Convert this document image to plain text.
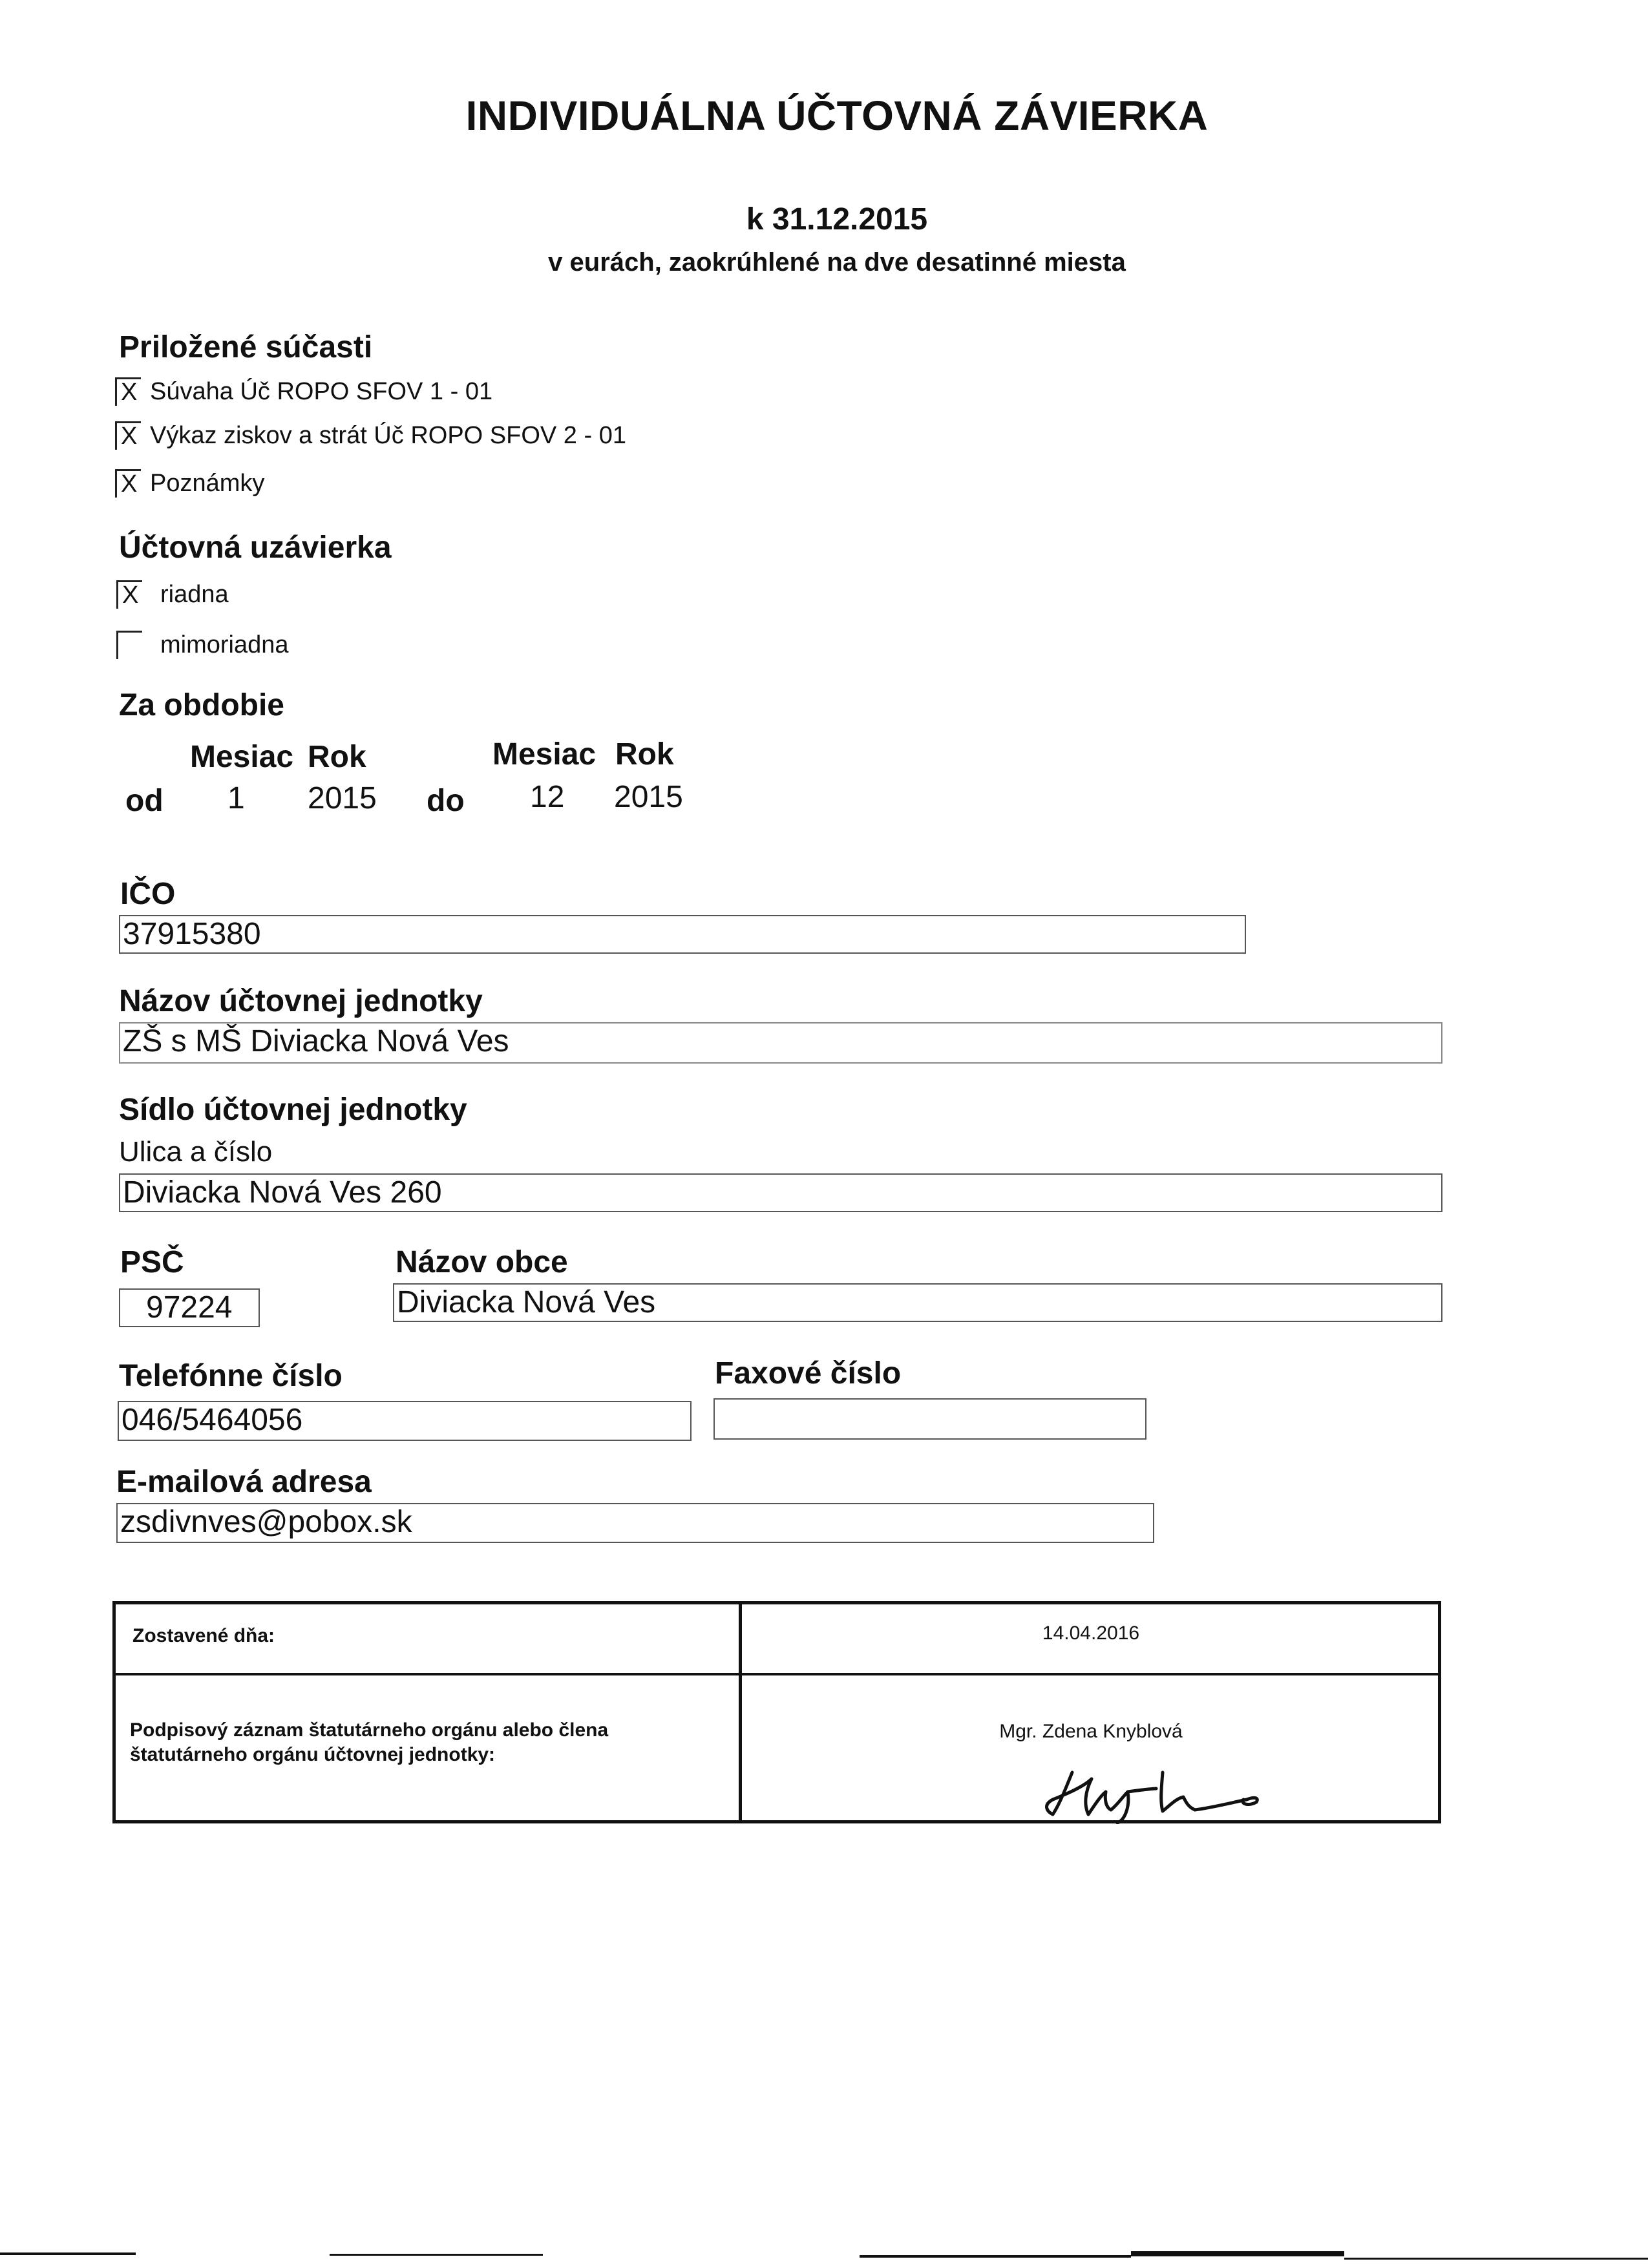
INDIVIDUÁLNA ÚČTOVNÁ ZÁVIERKA
k 31.12.2015
v eurách, zaokrúhlené na dve desatinné miesta
Priložené súčasti
X Súvaha Úč ROPO SFOV 1 - 01
X Výkaz ziskov a strát Úč ROPO SFOV 2 - 01
X Poznámky
Účtovná uzávierka
X riadna
mimoriadna
Za obdobie
Mesiac Rok	Mesiac Rok
od 1 2015 do 12 2015
IČO
37915380
Názov účtovnej jednotky
ZŠ s MŠ Diviacka Nová Ves
Sídlo účtovnej jednotky
Ulica a číslo
Diviacka Nová Ves 260
PSČ
97224
Názov obce
Diviacka Nová Ves
Telefónne číslo
046/5464056
Faxové číslo
E-mailová adresa
zsdivnves@pobox.sk
Zostavené dňa:	14.04.2016
Podpisový záznam štatutárneho orgánu alebo člena
štatutárneho orgánu účtovnej jednotky:
Mgr. Zdena Knyblová
